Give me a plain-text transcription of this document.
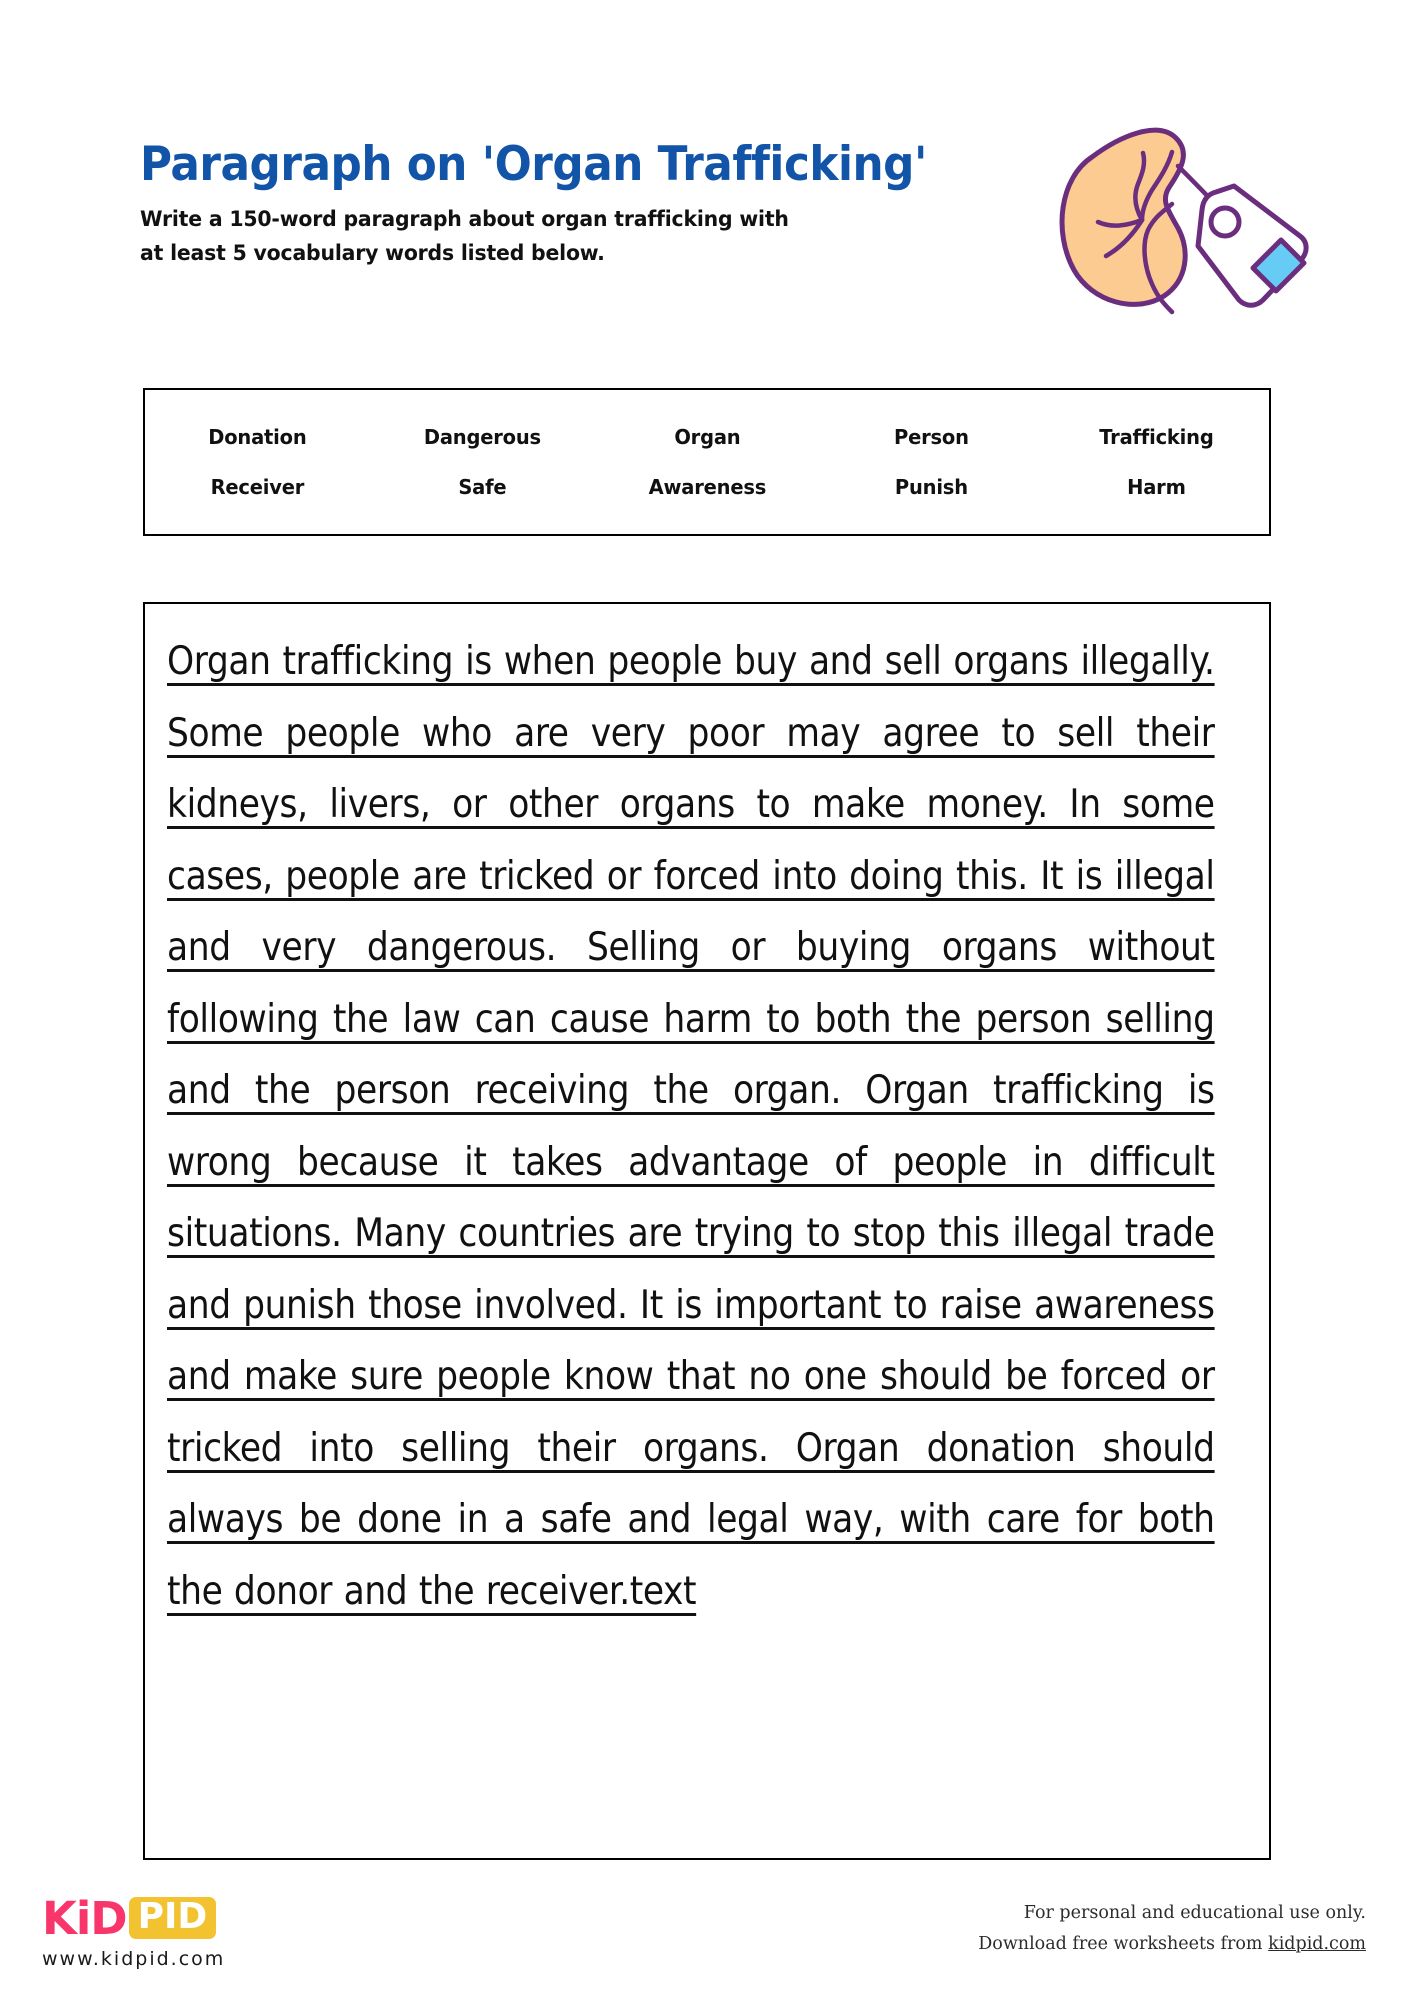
Paragraph on 'Organ Trafficking'
Write a 150-word paragraph about organ trafficking with at least 5 vocabulary words listed below.
Donation	Dangerous	Organ	Person	Trafficking
Receiver	Safe	Awareness	Punish	Harm
Organ trafficking is when people buy and sell organs illegally. Some people who are very poor may agree to sell their kidneys, livers, or other organs to make money. In some cases, people are tricked or forced into doing this. It is illegal and very dangerous. Selling or buying organs without following the law can cause harm to both the person selling and the person receiving the organ. Organ trafficking is wrong because it takes advantage of people in difficult situations. Many countries are trying to stop this illegal trade and punish those involved. It is important to raise awareness and make sure people know that no one should be forced or tricked into selling their organs. Organ donation should always be done in a safe and legal way, with care for both the donor and the receiver.text
KiD PID
www.kidpid.com
For personal and educational use only.
Download free worksheets from kidpid.com
